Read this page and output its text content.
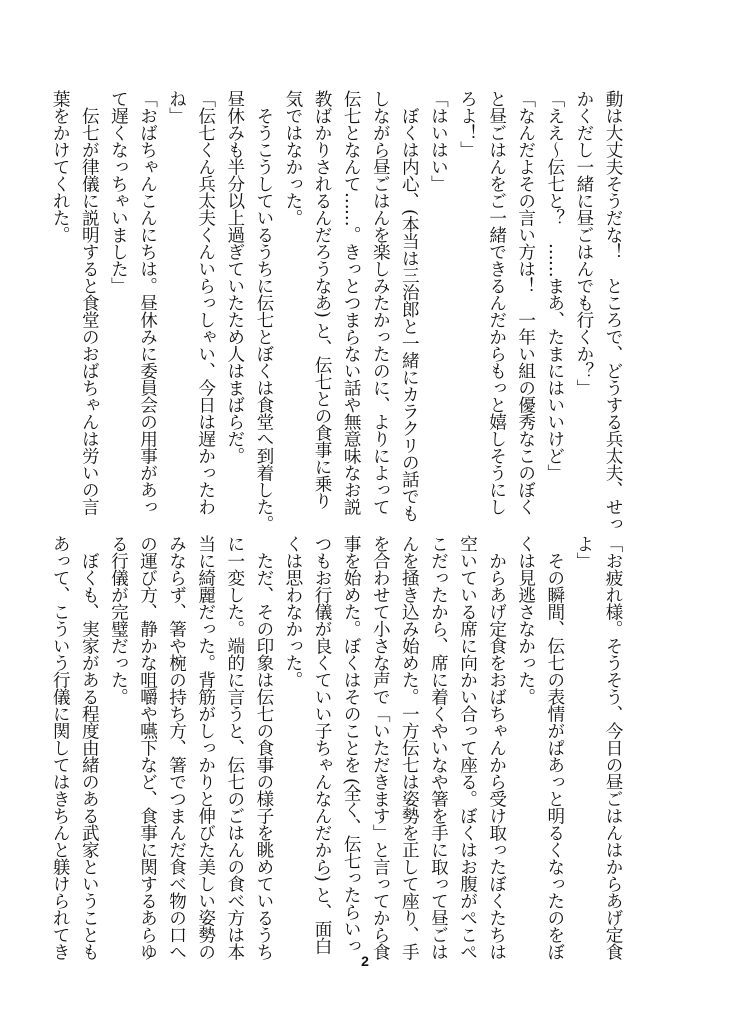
動は大丈夫そうだな！　ところで、どうする兵太夫、せっ
かくだし一緒に昼ごはんでも行くか？」
「ええ〜伝七と？　……まあ、たまにはいいけど」
「なんだよその言い方は！　一年い組の優秀なこのぼく
と昼ごはんをご一緒できるんだからもっと嬉しそうにし
ろよ！」
「はいはい」
　ぼくは内心、(本当は三治郎と一緒にカラクリの話でも
しながら昼ごはんを楽しみたかったのに、よりによって
伝七となんて……。きっとつまらない話や無意味なお説
教ばかりされるんだろうなあ) と、伝七との食事に乗り
気ではなかった。
　そうこうしているうちに伝七とぼくは食堂へ到着した。
昼休みも半分以上過ぎていたため人はまばらだ。
「伝七くん兵太夫くんいらっしゃい、今日は遅かったわ
ね」
「おばちゃんこんにちは。昼休みに委員会の用事があっ
て遅くなっちゃいました」
　伝七が律儀に説明すると食堂のおばちゃんは労いの言
葉をかけてくれた。
「お疲れ様。そうそう、今日の昼ごはんはからあげ定食
よ」
　その瞬間、伝七の表情がぱあっと明るくなったのをぼ
くは見逃さなかった。
　からあげ定食をおばちゃんから受け取ったぼくたちは
空いている席に向かい合って座る。ぼくはお腹がぺこぺ
こだったから、席に着くやいなや箸を手に取って昼ごは
んを掻き込み始めた。一方伝七は姿勢を正して座り、手
を合わせて小さな声で「いただきます」と言ってから食
事を始めた。ぼくはそのことを (全く、伝七ったらいっ
つもお行儀が良くていい子ちゃんなんだから) と、面白
くは思わなかった。
　ただ、その印象は伝七の食事の様子を眺めているうち
に一変した。端的に言うと、伝七のごはんの食べ方は本
当に綺麗だった。背筋がしっかりと伸びた美しい姿勢の
みならず、箸や椀の持ち方、箸でつまんだ食べ物の口へ
の運び方、静かな咀嚼や嚥下など、食事に関するあらゆ
る行儀が完璧だった。
　ぼくも、実家がある程度由緒のある武家ということも
あって、こういう行儀に関してはきちんと躾けられてき
2
